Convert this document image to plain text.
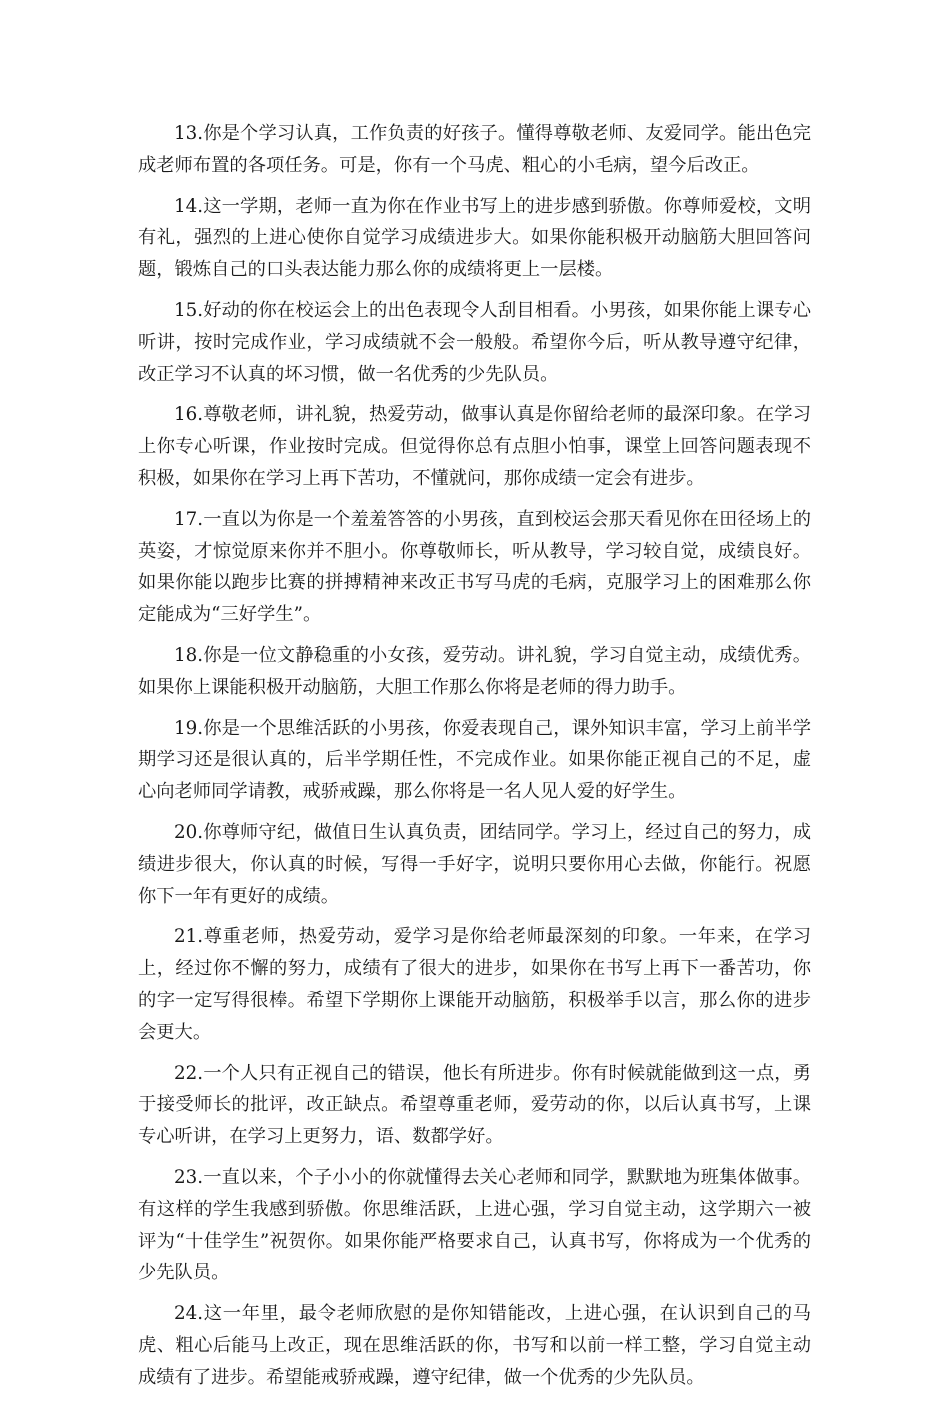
13.你是个学习认真，工作负责的好孩子。懂得尊敬老师、友爱同学。能出色完成老师布置的各项任务。可是，你有一个马虎、粗心的小毛病，望今后改正。

14.这一学期，老师一直为你在作业书写上的进步感到骄傲。你尊师爱校，文明有礼，强烈的上进心使你自觉学习成绩进步大。如果你能积极开动脑筋大胆回答问题，锻炼自己的口头表达能力那么你的成绩将更上一层楼。

15.好动的你在校运会上的出色表现令人刮目相看。小男孩，如果你能上课专心听讲，按时完成作业，学习成绩就不会一般般。希望你今后，听从教导遵守纪律，改正学习不认真的坏习惯，做一名优秀的少先队员。

16.尊敬老师，讲礼貌，热爱劳动，做事认真是你留给老师的最深印象。在学习上你专心听课，作业按时完成。但觉得你总有点胆小怕事，课堂上回答问题表现不积极，如果你在学习上再下苦功，不懂就问，那你成绩一定会有进步。

17.一直以为你是一个羞羞答答的小男孩，直到校运会那天看见你在田径场上的英姿，才惊觉原来你并不胆小。你尊敬师长，听从教导，学习较自觉，成绩良好。如果你能以跑步比赛的拼搏精神来改正书写马虎的毛病，克服学习上的困难那么你定能成为“三好学生”。

18.你是一位文静稳重的小女孩，爱劳动。讲礼貌，学习自觉主动，成绩优秀。如果你上课能积极开动脑筋，大胆工作那么你将是老师的得力助手。

19.你是一个思维活跃的小男孩，你爱表现自己，课外知识丰富，学习上前半学期学习还是很认真的，后半学期任性，不完成作业。如果你能正视自己的不足，虚心向老师同学请教，戒骄戒躁，那么你将是一名人见人爱的好学生。

20.你尊师守纪，做值日生认真负责，团结同学。学习上，经过自己的努力，成绩进步很大，你认真的时候，写得一手好字，说明只要你用心去做，你能行。祝愿你下一年有更好的成绩。

21.尊重老师，热爱劳动，爱学习是你给老师最深刻的印象。一年来，在学习上，经过你不懈的努力，成绩有了很大的进步，如果你在书写上再下一番苦功，你的字一定写得很棒。希望下学期你上课能开动脑筋，积极举手以言，那么你的进步会更大。

22.一个人只有正视自己的错误，他长有所进步。你有时候就能做到这一点，勇于接受师长的批评，改正缺点。希望尊重老师，爱劳动的你，以后认真书写，上课专心听讲，在学习上更努力，语、数都学好。

23.一直以来，个子小小的你就懂得去关心老师和同学，默默地为班集体做事。有这样的学生我感到骄傲。你思维活跃，上进心强，学习自觉主动，这学期六一被评为“十佳学生”祝贺你。如果你能严格要求自己，认真书写，你将成为一个优秀的少先队员。

24.这一年里，最令老师欣慰的是你知错能改，上进心强，在认识到自己的马虎、粗心后能马上改正，现在思维活跃的你，书写和以前一样工整，学习自觉主动成绩有了进步。希望能戒骄戒躁，遵守纪律，做一个优秀的少先队员。
